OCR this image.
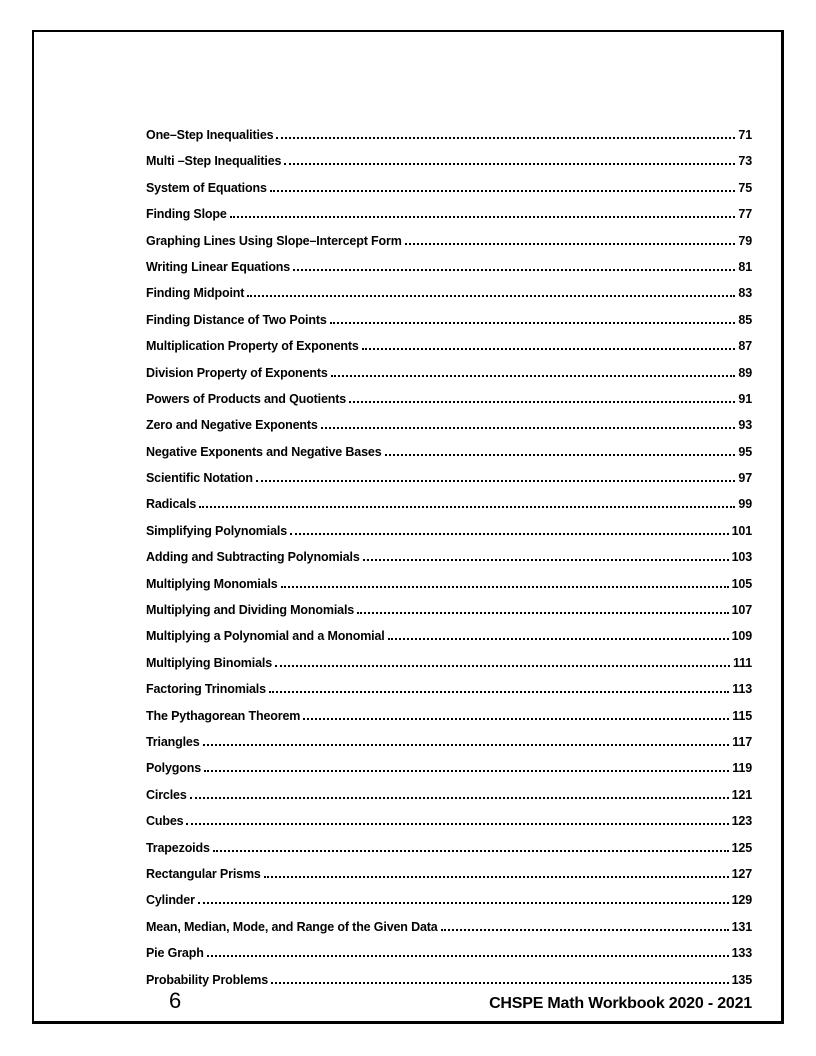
One–Step Inequalities	71
Multi –Step Inequalities	73
System of Equations	75
Finding Slope	77
Graphing Lines Using Slope–Intercept Form	79
Writing Linear Equations	81
Finding Midpoint	83
Finding Distance of Two Points	85
Multiplication Property of Exponents	87
Division Property of Exponents	89
Powers of Products and Quotients	91
Zero and Negative Exponents	93
Negative Exponents and Negative Bases	95
Scientific Notation	97
Radicals	99
Simplifying Polynomials	101
Adding and Subtracting Polynomials	103
Multiplying Monomials	105
Multiplying and Dividing Monomials	107
Multiplying a Polynomial and a Monomial	109
Multiplying Binomials	111
Factoring Trinomials	113
The Pythagorean Theorem	115
Triangles	117
Polygons	119
Circles	121
Cubes	123
Trapezoids	125
Rectangular Prisms	127
Cylinder	129
Mean, Median, Mode, and Range of the Given Data	131
Pie Graph	133
Probability Problems	135
6	CHSPE Math Workbook 2020 - 2021
